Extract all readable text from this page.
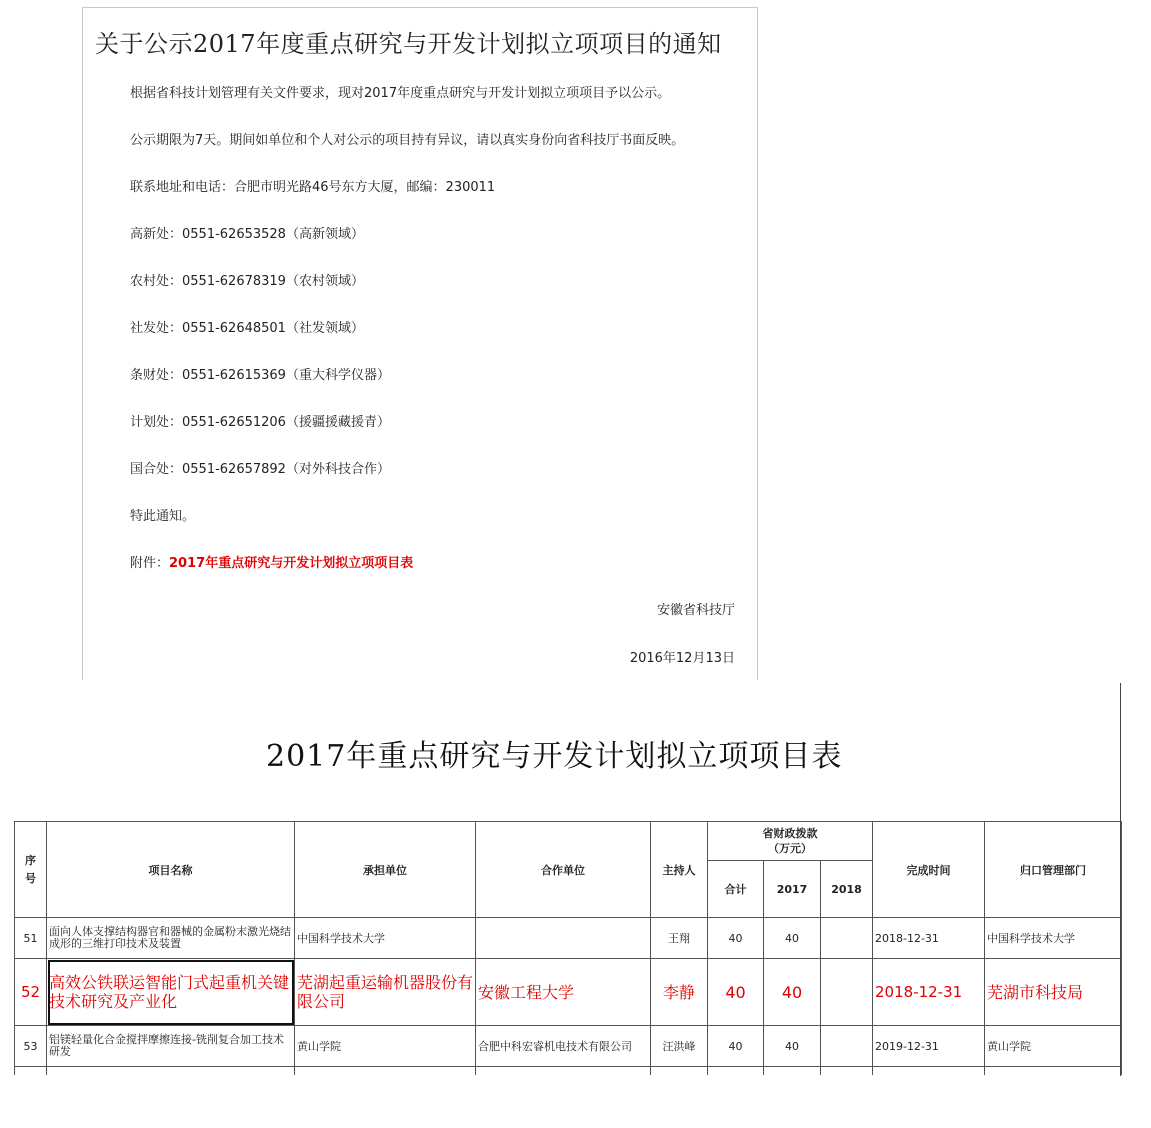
关于公示2017年度重点研究与开发计划拟立项项目的通知
根据省科技计划管理有关文件要求，现对2017年度重点研究与开发计划拟立项项目予以公示。
公示期限为7天。期间如单位和个人对公示的项目持有异议，请以真实身份向省科技厅书面反映。
联系地址和电话：合肥市明光路46号东方大厦，邮编：230011
高新处：0551-62653528（高新领域）
农村处：0551-62678319（农村领域）
社发处：0551-62648501（社发领域）
条财处：0551-62615369（重大科学仪器）
计划处：0551-62651206（援疆援藏援青）
国合处：0551-62657892（对外科技合作）
特此通知。
附件：2017年重点研究与开发计划拟立项项目表
安徽省科技厅
2016年12月13日
2017年重点研究与开发计划拟立项项目表
序号	项目名称	承担单位	合作单位	主持人	省财政拨款
（万元）			完成时间	归口管理部门
					合计	2017	2018		
51	面向人体支撑结构器官和器械的金属粉末激光烧结成形的三维打印技术及装置	中国科学技术大学		王翔	40	40		2018-12-31	中国科学技术大学
52	高效公铁联运智能门式起重机关键技术研究及产业化	芜湖起重运输机器股份有限公司	安徽工程大学	李静	40	40		2018-12-31	芜湖市科技局
53	铝镁轻量化合金搅拌摩擦连接-铣削复合加工技术研发	黄山学院	合肥中科宏睿机电技术有限公司	汪洪峰	40	40		2019-12-31	黄山学院
